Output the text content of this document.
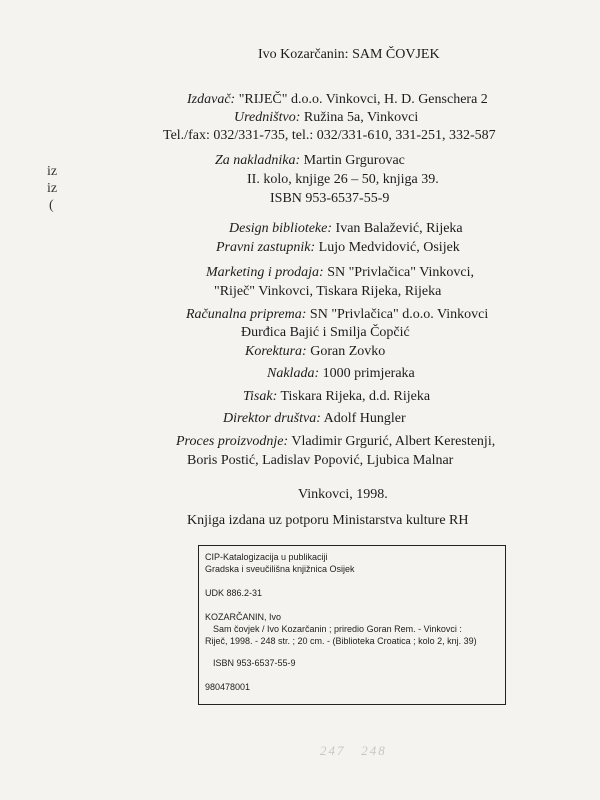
iz
iz
(
Ivo Kozarčanin: SAM ČOVJEK
Izdavač: "RIJEČ" d.o.o. Vinkovci, H. D. Genschera 2
Uredništvo: Ružina 5a, Vinkovci
Tel./fax: 032/331-735, tel.: 032/331-610, 331-251, 332-587
Za nakladnika: Martin Grgurovac
II. kolo, knjige 26 – 50, knjiga 39.
ISBN 953-6537-55-9
Design biblioteke: Ivan Balažević, Rijeka
Pravni zastupnik: Lujo Medvidović, Osijek
Marketing i prodaja: SN "Privlačica" Vinkovci,
"Riječ" Vinkovci, Tiskara Rijeka, Rijeka
Računalna priprema: SN "Privlačica" d.o.o. Vinkovci
Đurđica Bajić i Smilja Čopčić
Korektura: Goran Zovko
Naklada: 1000 primjeraka
Tisak: Tiskara Rijeka, d.d. Rijeka
Direktor društva: Adolf Hungler
Proces proizvodnje: Vladimir Grgurić, Albert Kerestenji,
Boris Postić, Ladislav Popović, Ljubica Malnar
Vinkovci, 1998.
Knjiga izdana uz potporu Ministarstva kulture RH
CIP-Katalogizacija u publikaciji
Gradska i sveučilišna knjižnica Osijek
UDK 886.2-31
KOZARČANIN, Ivo
Sam čovjek / Ivo Kozarčanin ; priredio Goran Rem. - Vinkovci :
Riječ, 1998. - 248 str. ; 20 cm. - (Biblioteka Croatica ; kolo 2, knj. 39)
ISBN 953-6537-55-9
980478001
247   248
